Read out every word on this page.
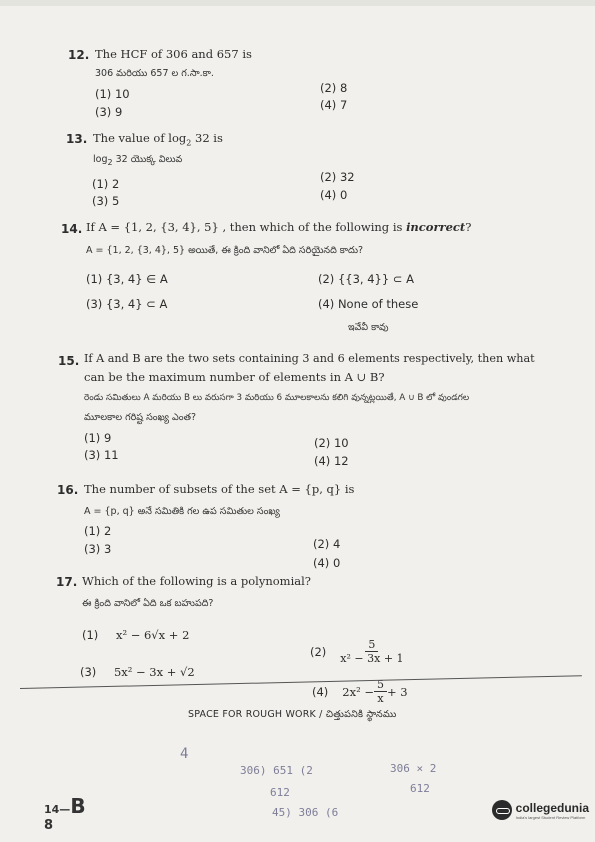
12. The HCF of 306 and 657 is
306 మరియు 657 ల గ.సా.కా.
(1) 10	(2) 8
(3) 9	(4) 7
13. The value of $\log_2 32$ is
$\log_2 32$ యొక్క విలువ
(1) 2	(2) 32
(3) 5	(4) 0
14. If A = {1, 2, {3, 4}, 5} , then which of the following is incorrect?
A = {1, 2, {3, 4}, 5} అయితే, ఈ క్రింది వానిలో ఏది సరియైనది కాదు?
(1) {3, 4} ∈ A	(2) {{3, 4}} ⊂ A
(3) {3, 4} ⊂ A	(4) None of these
ఇవేవీ కావు
15. If A and B are the two sets containing 3 and 6 elements respectively, then what
can be the maximum number of elements in A ∪ B?
రెండు సమితులు A మరియు B లు వరుసగా 3 మరియు 6 మూలకాలను కలిగి వున్నట్లయితే, A ∪ B లో వుండగల
మూలకాల గరిష్ట సంఖ్య ఎంత?
(1) 9	(2) 10
(3) 11	(4) 12
16. The number of subsets of the set A = {p, q} is
A = {p, q} అనే సమితికి గల ఉప సమితుల సంఖ్య
(1) 2
(2) 4
(3) 3
(4) 0
17. Which of the following is a polynomial?
ఈ క్రింది వానిలో ఏది ఒక బహుపది?
(1) x² − 6√x + 2
$(2) \frac{5}{\text{x² − 3x + 1}}$
(3) 5x² − 3x + √2
(4) $2x^2 - \frac{5}{x} + 3$
SPACE FOR ROUGH WORK / చిత్తుపనికి స్థానము
4
306) 651 (2
612
45) 306 (6
306 × 2
612
14—B
8
collegedunia
India's largest Student Review Platform
